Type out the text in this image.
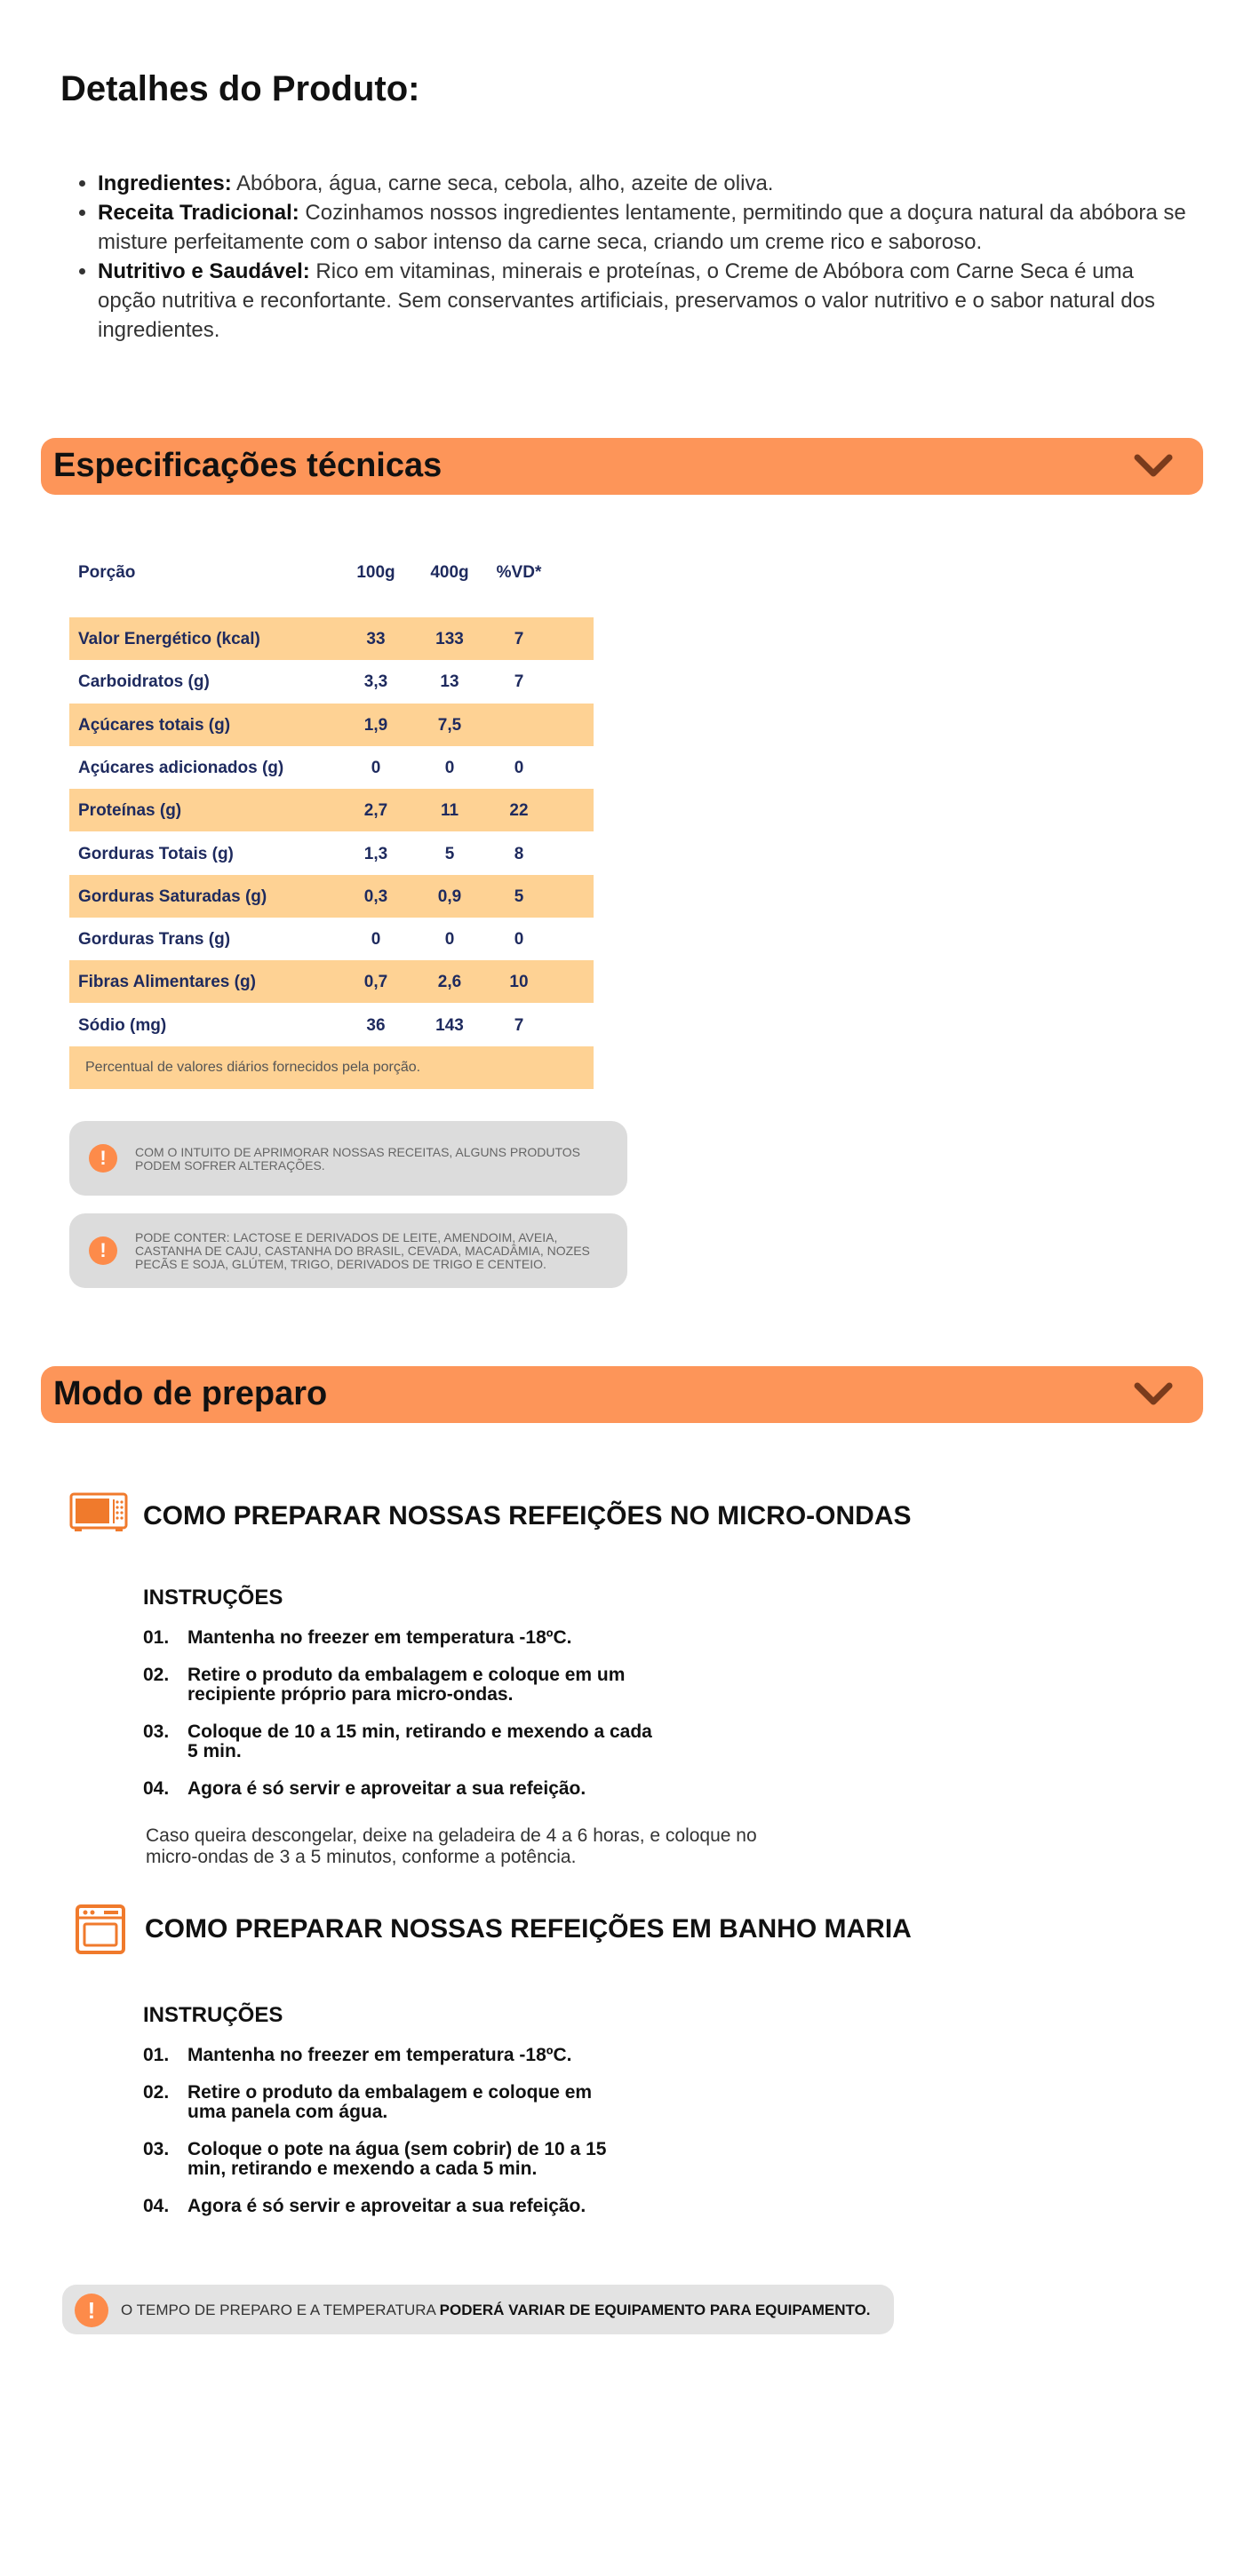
Detalhes do Produto:
• Ingredientes: Abóbora, água, carne seca, cebola, alho, azeite de oliva.
• Receita Tradicional: Cozinhamos nossos ingredientes lentamente, permitindo que a doçura natural da abóbora se misture perfeitamente com o sabor intenso da carne seca, criando um creme rico e saboroso.
• Nutritivo e Saudável: Rico em vitaminas, minerais e proteínas, o Creme de Abóbora com Carne Seca é uma opção nutritiva e reconfortante. Sem conservantes artificiais, preservamos o valor nutritivo e o sabor natural dos ingredientes.
Especificações técnicas
Porção	100g	400g	%VD*
Valor Energético (kcal)	33	133	7
Carboidratos (g)	3,3	13	7
Açúcares totais (g)	1,9	7,5
Açúcares adicionados (g)	0	0	0
Proteínas (g)	2,7	11	22
Gorduras Totais (g)	1,3	5	8
Gorduras Saturadas (g)	0,3	0,9	5
Gorduras Trans (g)	0	0	0
Fibras Alimentares (g)	0,7	2,6	10
Sódio (mg)	36	143	7
Percentual de valores diários fornecidos pela porção.
!	COM O INTUITO DE APRIMORAR NOSSAS RECEITAS, ALGUNS PRODUTOS PODEM SOFRER ALTERAÇÕES.
!
PODE CONTER: LACTOSE E DERIVADOS DE LEITE, AMENDOIM, AVEIA, CASTANHA DE CAJU, CASTANHA DO BRASIL, CEVADA, MACADÂMIA, NOZES PECÃS E SOJA, GLÚTEM, TRIGO, DERIVADOS DE TRIGO E CENTEIO.
Modo de preparo
COMO PREPARAR NOSSAS REFEIÇÕES NO MICRO-ONDAS
INSTRUÇÕES
01. Mantenha no freezer em temperatura -18ºC.
02. Retire o produto da embalagem e coloque em um recipiente próprio para micro-ondas.
03. Coloque de 10 a 15 min, retirando e mexendo a cada 5 min.
04. Agora é só servir e aproveitar a sua refeição.
Caso queira descongelar, deixe na geladeira de 4 a 6 horas, e coloque no micro-ondas de 3 a 5 minutos, conforme a potência.
COMO PREPARAR NOSSAS REFEIÇÕES EM BANHO MARIA
INSTRUÇÕES
01. Mantenha no freezer em temperatura -18ºC.
02. Retire o produto da embalagem e coloque em uma panela com água.
03. Coloque o pote na água (sem cobrir) de 10 a 15 min, retirando e mexendo a cada 5 min.
04. Agora é só servir e aproveitar a sua refeição.
!	O TEMPO DE PREPARO E A TEMPERATURA PODERÁ VARIAR DE EQUIPAMENTO PARA EQUIPAMENTO.
